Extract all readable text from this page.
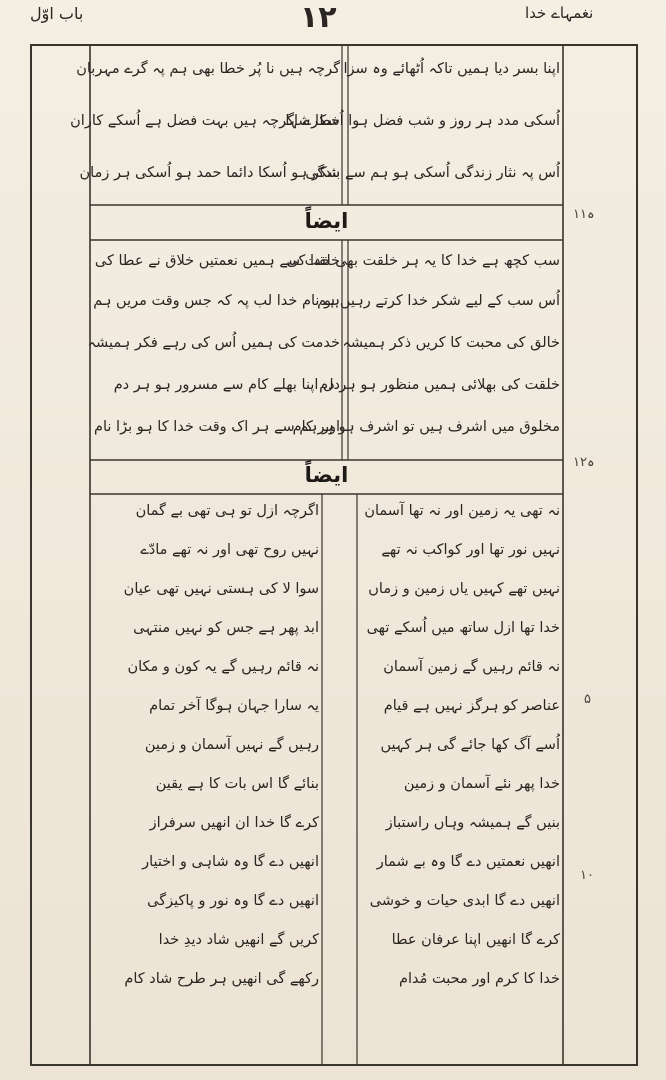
باب اوّل	۱۲	نغمہاے خدا
۱۱ہ
۱۲ہ
۵
۱۰
ایضاً
ایضاً
اپنا بسر دیا ہمیں تاکہ اُٹھائے وہ سزا
اُسکی مدد ہر روز و شب فضل ہوا اُسکا شہا
اُس پہ نثار زندگی اُسکی ہو ہم سے بندگی
گرچہ ہیں نا پُر خطا بھی ہم پہ گرے مہربان
خطرے اگرچہ ہیں بہت فضل ہے اُسکے کاران
شکر ہو اُسکا دائما حمد ہو اُسکی ہر زمان
سب کچھ ہے خدا کا یہ ہر خلقت بھی خدا کی
اُس سب کے لیے شکر خدا کرتے رہیں ہم
خالق کی محبت کا کریں ذکر ہمیشہ
خلقت کی بھلائی ہمیں منظور ہو ہر دم
مخلوق میں اشرف ہیں تو اشرف ہو ہر کام
خلقت سے ہمیں نعمتیں خلاق نے عطا کی
ہو نام خدا لب پہ کہ جس وقت مریں ہم
خدمت کی ہمیں اُس کی رہے فکر ہمیشہ
دل اپنا بھلے کام سے مسرور ہو ہر دم
اور ہم سے ہر اک وقت خدا کا ہو بڑا نام
نہ تھی یہ زمین اور نہ تھا آسمان
نہیں نور تھا اور کواکب نہ تھے
نہیں تھے کہیں یاں زمین و زماں
خدا تھا ازل ساتھ میں اُسکے تھی
نہ قائم رہیں گے زمین آسمان
عناصر کو ہرگز نہیں ہے قیام
اُسے آگ کھا جائے گی ہر کہیں
خدا پھر نئے آسمان و زمین
بنیں گے ہمیشہ وہاں راستباز
انھیں نعمتیں دے گا وہ بے شمار
انھیں دے گا ابدی حیات و خوشی
کرے گا انھیں اپنا عرفان عطا
خدا کا کرم اور محبت مُدام
اگرچہ ازل تو ہی تھی بے گمان
نہیں روح تھی اور نہ تھے مادّے
سوا لا کی ہستی نہیں تھی عیان
ابد پھر ہے جس کو نہیں منتہی
نہ قائم رہیں گے یہ کون و مکان
یہ سارا جہان ہوگا آخر تمام
رہیں گے نہیں آسمان و زمین
بنائے گا اس بات کا ہے یقین
کرے گا خدا ان انھیں سرفراز
انھیں دے گا وہ شاہی و اختیار
انھیں دے گا وہ نور و پاکیزگی
کریں گے انھیں شاد دیدِ خدا
رکھے گی انھیں ہر طرح شاد کام
